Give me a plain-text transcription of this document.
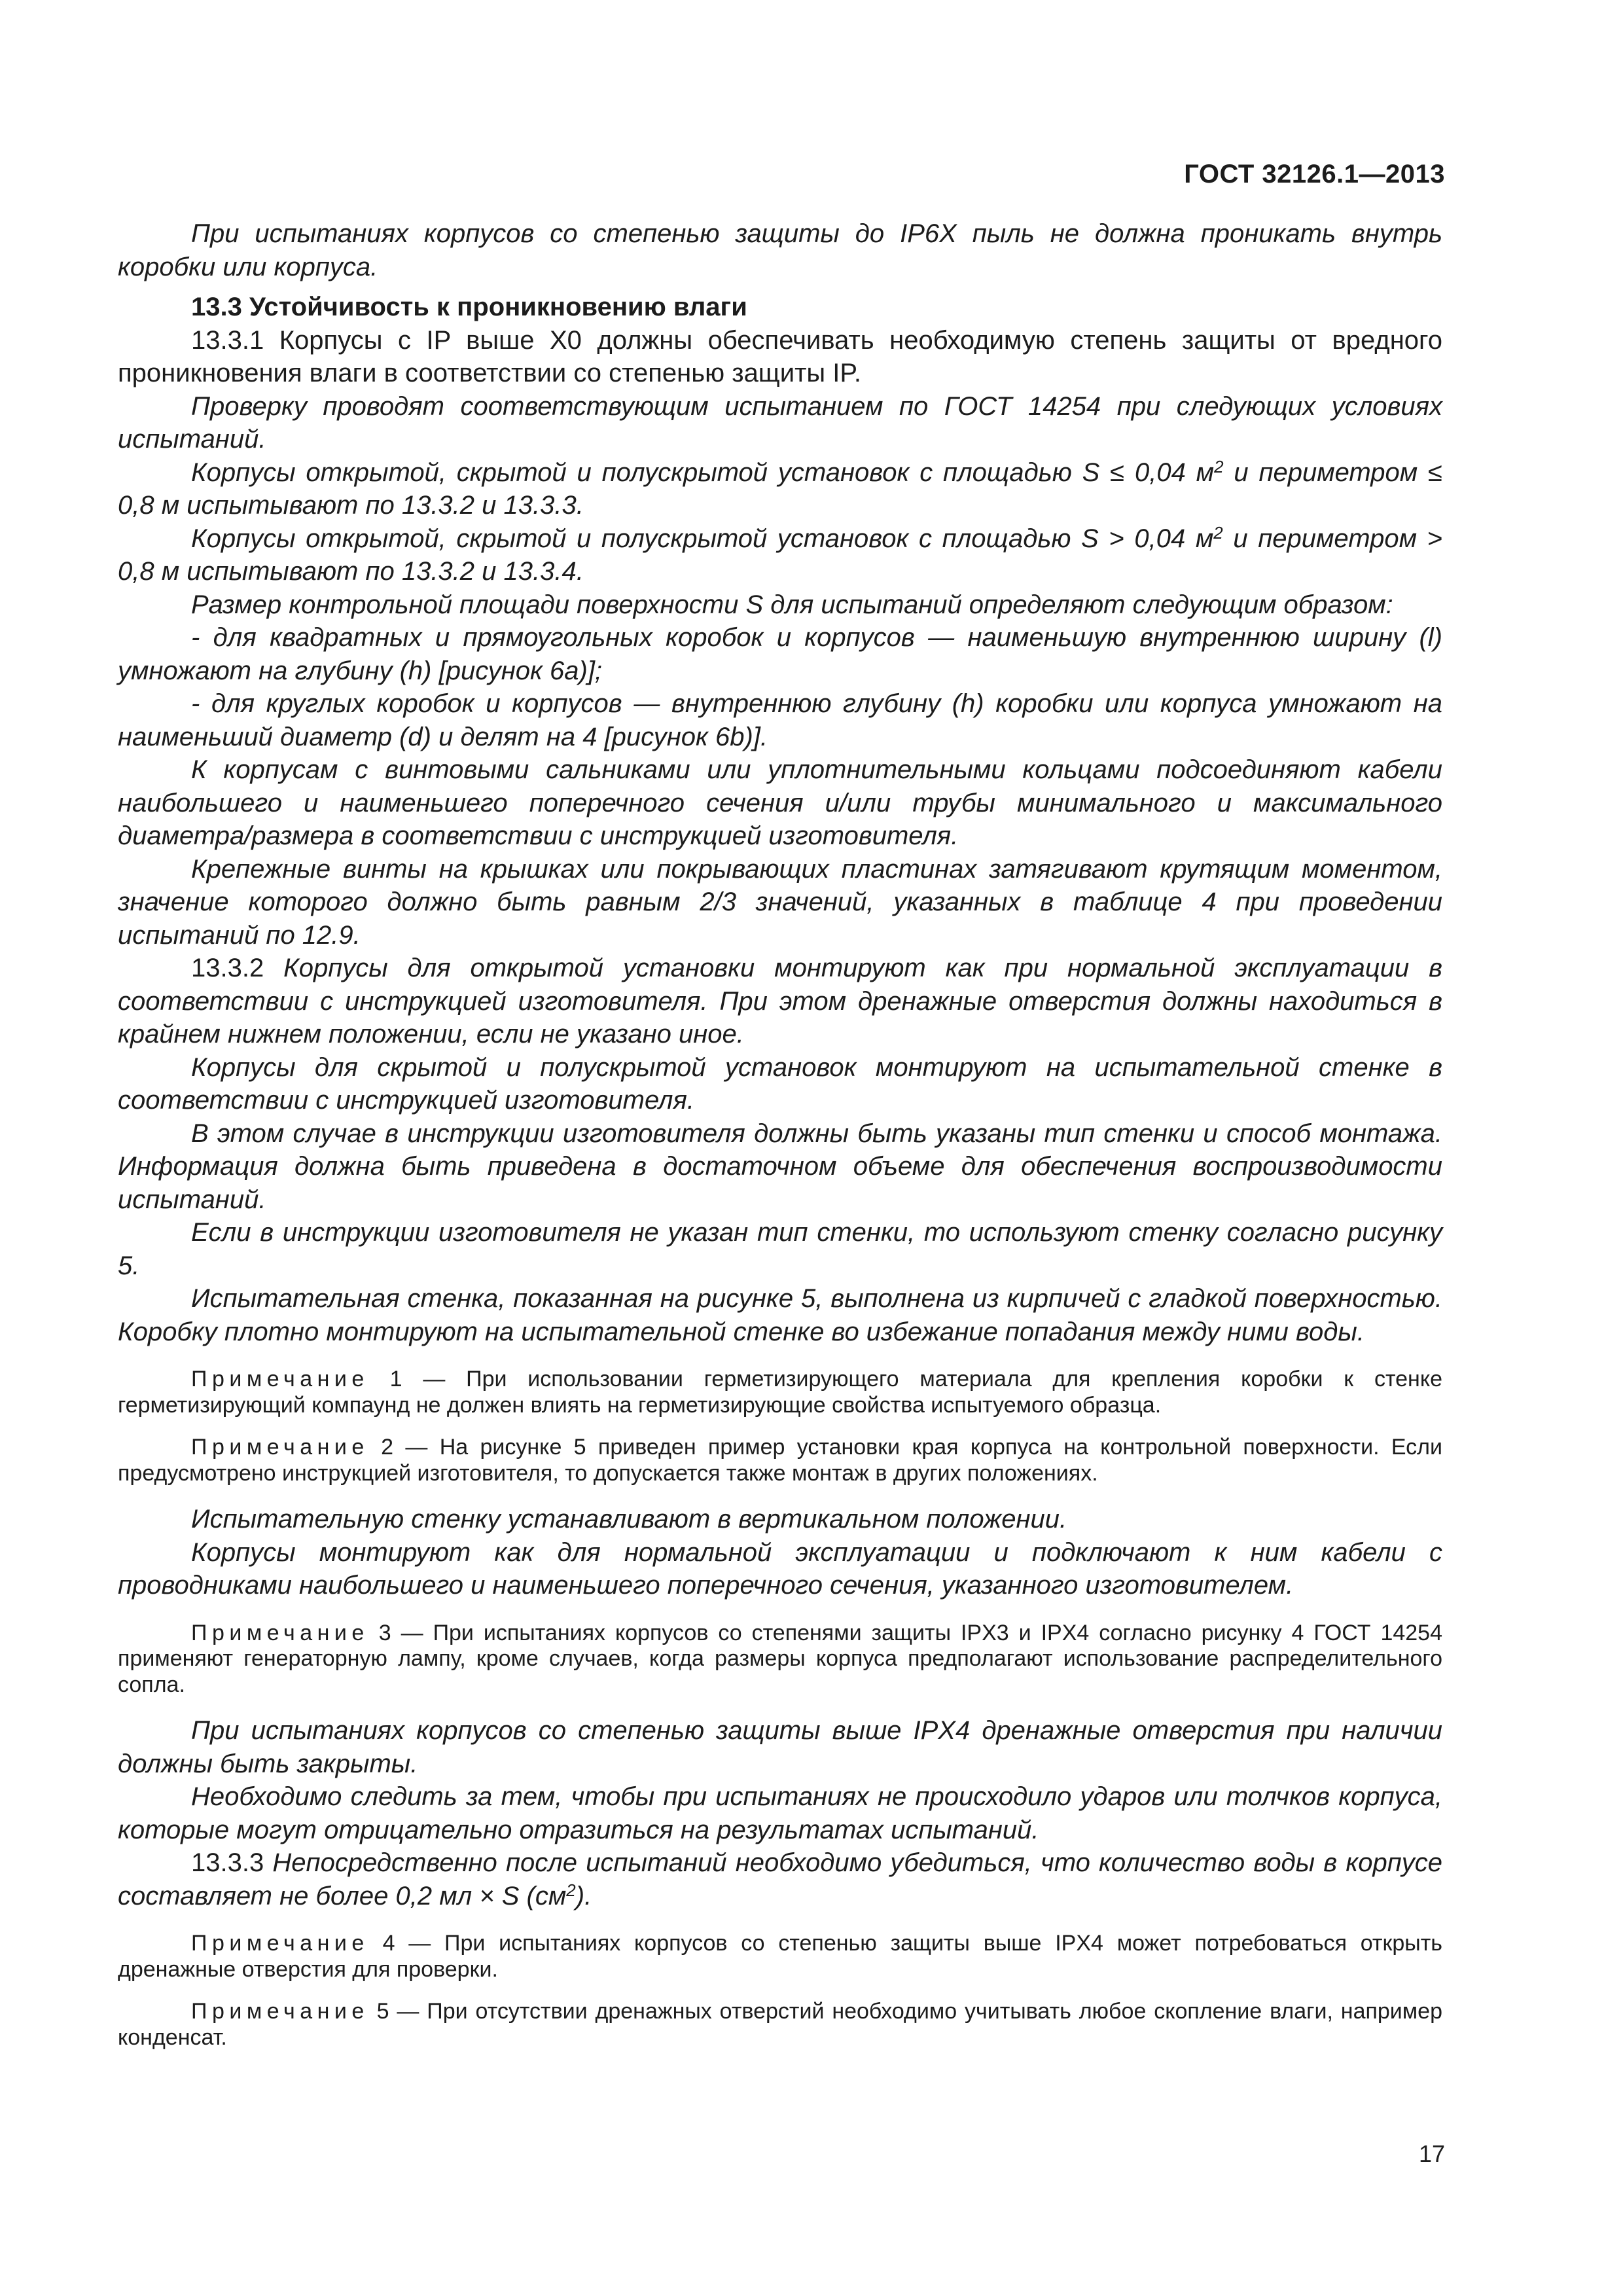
ГОСТ 32126.1—2013

При испытаниях корпусов со степенью защиты до IP6X пыль не должна проникать внутрь коробки или корпуса.

13.3 Устойчивость к проникновению влаги

13.3.1 Корпусы с IP выше X0 должны обеспечивать необходимую степень защиты от вредного проникновения влаги в соответствии со степенью защиты IP.

Проверку проводят соответствующим испытанием по ГОСТ 14254 при следующих условиях испытаний.

Корпусы открытой, скрытой и полускрытой установок с площадью S ≤ 0,04 $м^2$ и периметром ≤ 0,8 м испытывают по 13.3.2 и 13.3.3.

Корпусы открытой, скрытой и полускрытой установок с площадью S > 0,04 $м^2$ и периметром > 0,8 м испытывают по 13.3.2 и 13.3.4.

Размер контрольной площади поверхности S для испытаний определяют следующим образом:

- для квадратных и прямоугольных коробок и корпусов — наименьшую внутреннюю ширину (l) умножают на глубину (h) [рисунок 6a)];

- для круглых коробок и корпусов — внутреннюю глубину (h) коробки или корпуса умножают на наименьший диаметр (d) и делят на 4 [рисунок 6b)].

К корпусам с винтовыми сальниками или уплотнительными кольцами подсоединяют кабели наибольшего и наименьшего поперечного сечения и/или трубы минимального и максимального диаметра/размера в соответствии с инструкцией изготовителя.

Крепежные винты на крышках или покрывающих пластинах затягивают крутящим моментом, значение которого должно быть равным 2/3 значений, указанных в таблице 4 при проведении испытаний по 12.9.

13.3.2 Корпусы для открытой установки монтируют как при нормальной эксплуатации в соответствии с инструкцией изготовителя. При этом дренажные отверстия должны находиться в крайнем нижнем положении, если не указано иное.

Корпусы для скрытой и полускрытой установок монтируют на испытательной стенке в соответствии с инструкцией изготовителя.

В этом случае в инструкции изготовителя должны быть указаны тип стенки и способ монтажа. Информация должна быть приведена в достаточном объеме для обеспечения воспроизводимости испытаний.

Если в инструкции изготовителя не указан тип стенки, то используют стенку согласно рисунку 5.

Испытательная стенка, показанная на рисунке 5, выполнена из кирпичей с гладкой поверхностью. Коробку плотно монтируют на испытательной стенке во избежание попадания между ними воды.

Примечание 1 — При использовании герметизирующего материала для крепления коробки к стенке герметизирующий компаунд не должен влиять на герметизирующие свойства испытуемого образца.

Примечание 2 — На рисунке 5 приведен пример установки края корпуса на контрольной поверхности. Если предусмотрено инструкцией изготовителя, то допускается также монтаж в других положениях.

Испытательную стенку устанавливают в вертикальном положении.

Корпусы монтируют как для нормальной эксплуатации и подключают к ним кабели с проводниками наибольшего и наименьшего поперечного сечения, указанного изготовителем.

Примечание 3 — При испытаниях корпусов со степенями защиты IPX3 и IPX4 согласно рисунку 4 ГОСТ 14254 применяют генераторную лампу, кроме случаев, когда размеры корпуса предполагают использование распределительного сопла.

При испытаниях корпусов со степенью защиты выше IPX4 дренажные отверстия при наличии должны быть закрыты.

Необходимо следить за тем, чтобы при испытаниях не происходило ударов или толчков корпуса, которые могут отрицательно отразиться на результатах испытаний.

13.3.3 Непосредственно после испытаний необходимо убедиться, что количество воды в корпусе составляет не более 0,2 мл × S $(см^2)$.

Примечание 4 — При испытаниях корпусов со степенью защиты выше IPX4 может потребоваться открыть дренажные отверстия для проверки.

Примечание 5 — При отсутствии дренажных отверстий необходимо учитывать любое скопление влаги, например конденсат.

17
